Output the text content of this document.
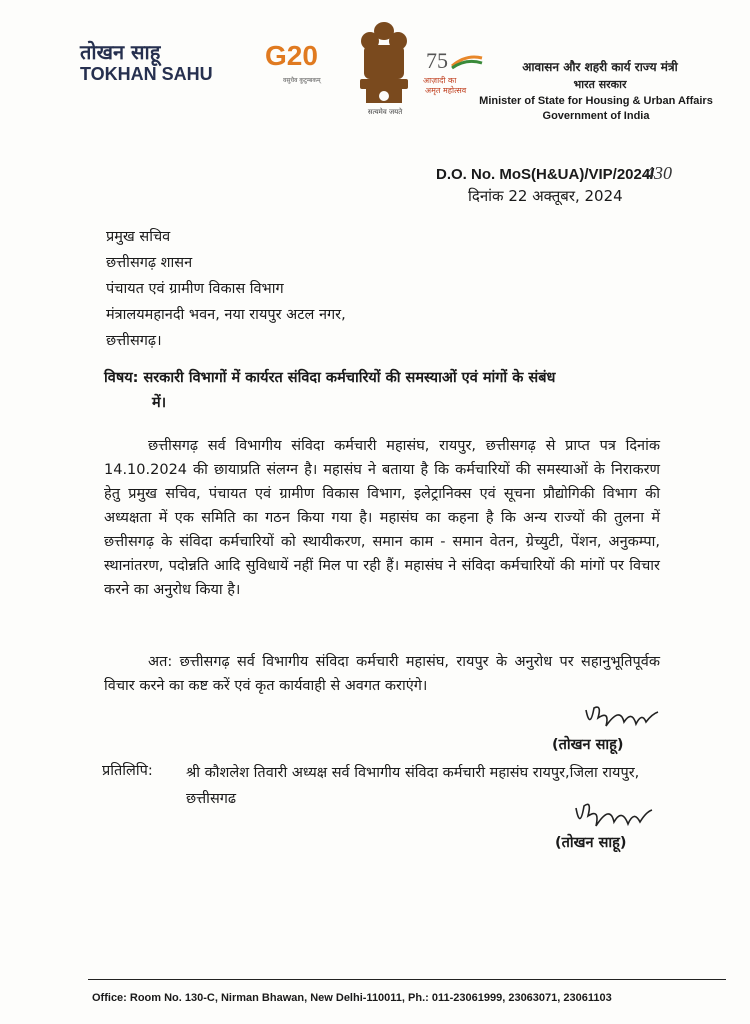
तोखन साहू
TOKHAN SAHU
G20
वसुधैव कुटुम्बकम्
सत्यमेव जयते
75
आज़ादी का
अमृत महोत्सव
आवासन और शहरी कार्य राज्य मंत्री
भारत सरकार
Minister of State for Housing & Urban Affairs
Government of India
D.O. No. MoS(H&UA)/VIP/2024/
430
दिनांक 22 अक्तूबर, 2024
प्रमुख सचिव
छत्तीसगढ़ शासन
पंचायत एवं ग्रामीण विकास विभाग
मंत्रालयमहानदी भवन, नया रायपुर अटल नगर,
छत्तीसगढ़।
विषय: सरकारी विभागों में कार्यरत संविदा कर्मचारियों की समस्याओं एवं मांगों के संबंध
में।
छत्तीसगढ़ सर्व विभागीय संविदा कर्मचारी महासंघ, रायपुर, छत्तीसगढ़ से प्राप्त पत्र दिनांक 14.10.2024 की छायाप्रति संलग्न है। महासंघ ने बताया है कि कर्मचारियों की समस्याओं के निराकरण हेतु प्रमुख सचिव, पंचायत एवं ग्रामीण विकास विभाग, इलेट्रानिक्स एवं सूचना प्रौद्योगिकी विभाग की अध्यक्षता में एक समिति का गठन किया गया है। महासंघ का कहना है कि अन्य राज्यों की तुलना में छत्तीसगढ़ के संविदा कर्मचारियों को स्थायीकरण, समान काम - समान वेतन, ग्रेच्युटी, पेंशन, अनुकम्पा, स्थानांतरण, पदोन्नति आदि सुविधायें नहीं मिल पा रही हैं। महासंघ ने संविदा कर्मचारियों की मांगों पर विचार करने का अनुरोध किया है।
अत: छत्तीसगढ़ सर्व विभागीय संविदा कर्मचारी महासंघ, रायपुर के अनुरोध पर सहानुभूतिपूर्वक विचार करने का कष्ट करें एवं कृत कार्यवाही से अवगत कराएंगे।
(तोखन साहू)
प्रतिलिपि: श्री कौशलेश तिवारी अध्यक्ष सर्व विभागीय संविदा कर्मचारी महासंघ रायपुर,जिला रायपुर, छत्तीसगढ
(तोखन साहू)
Office: Room No. 130-C, Nirman Bhawan, New Delhi-110011, Ph.: 011-23061999, 23063071, 23061103
